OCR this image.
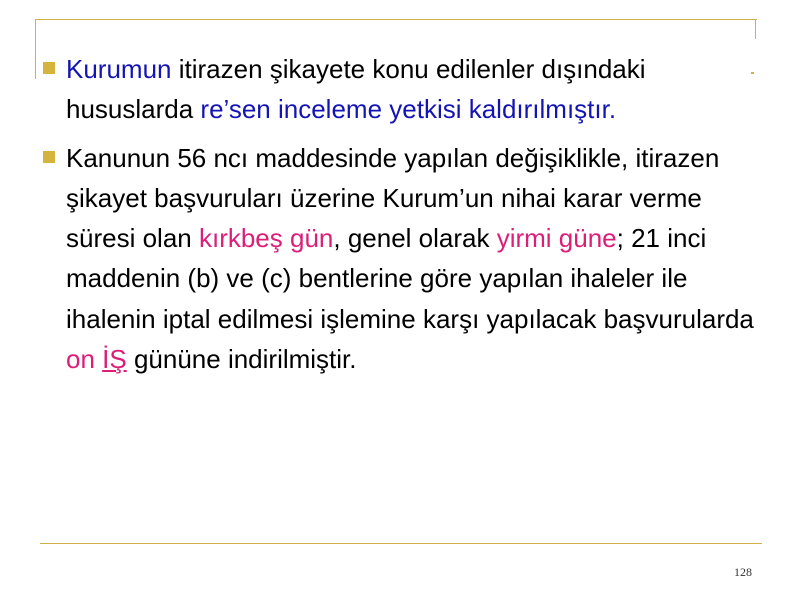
Kurumun itirazen şikayete konu edilenler dışındaki hususlarda re’sen inceleme yetkisi kaldırılmıştır.

Kanunun 56 ncı maddesinde yapılan değişiklikle, itirazen şikayet başvuruları üzerine Kurum’un nihai karar verme süresi olan kırkbeş gün, genel olarak yirmi güne; 21 inci maddenin (b) ve (c) bentlerine göre yapılan ihaleler ile ihalenin iptal edilmesi işlemine karşı yapılacak başvurularda on İŞ gününe indirilmiştir.

128
